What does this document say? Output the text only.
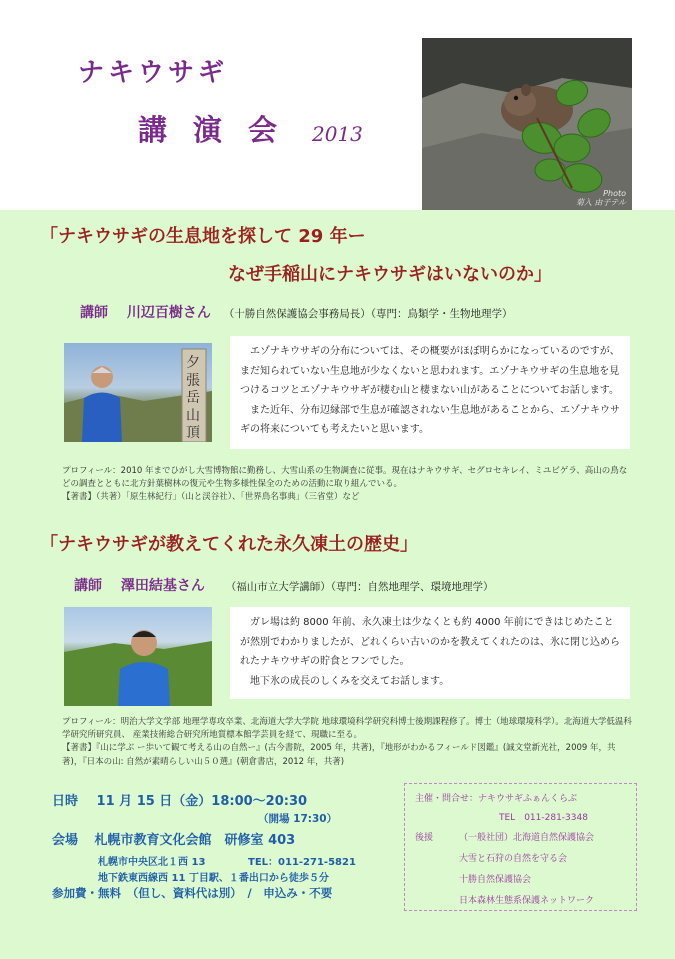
ナキウサギ
講演会 2013
Photo
菊入 由子テル
「ナキウサギの生息地を探して 29 年ー
なぜ手稲山にナキウサギはいないのか」
講師 川辺百樹さん （十勝自然保護協会事務局長）（専門：鳥類学・生物地理学）
夕張岳山頂

エゾナキウサギの分布については、その概要がほぼ明らかになっているのですが、まだ知られていない生息地が少なくないと思われます。エゾナキウサギの生息地を見つけるコツとエゾナキウサギが棲む山と棲まない山があることについてお話します。

また近年、分布辺縁部で生息が確認されない生息地があることから、エゾナキウサギの将来についても考えたいと思います。

プロフィール：2010 年までひがし大雪博物館に勤務し、大雪山系の生物調査に従事。現在はナキウサギ、セグロセキレイ、ミユビゲラ、高山の鳥などの調査とともに北方針葉樹林の復元や生物多様性保全のための活動に取り組んでいる。
【著書】（共著）「原生林紀行」（山と渓谷社）、「世界鳥名事典」（三省堂）など
「ナキウサギが教えてくれた永久凍土の歴史」
講師 澤田結基さん （福山市立大学講師）（専門：自然地理学、環境地理学）

ガレ場は約 8000 年前、永久凍土は少なくとも約 4000 年前にできはじめたことが然別でわかりましたが、どれくらい古いのかを教えてくれたのは、氷に閉じ込められたナキウサギの貯食とフンでした。

地下氷の成長のしくみを交えてお話します。

プロフィール：明治大学文学部 地理学専攻卒業、北海道大学大学院 地球環境科学研究科博士後期課程修了。博士（地球環境科学）。北海道大学低温科学研究所研究員、 産業技術総合研究所地質標本館学芸員を経て、現職に至る。
【著書】『山に学ぶ ー歩いて観て考える山の自然ー』(古今書院，2005 年，共著)，『地形がわかるフィールド図鑑』(誠文堂新光社，2009 年，共著)，『日本の山: 自然が素晴らしい山５０選』(朝倉書店，2012 年，共著)
日時 11 月 15 日（金）18:00～20:30
（開場 17:30）
会場 札幌市教育文化会館　研修室 403
札幌市中央区北１西 13	TEL：011-271-5821
地下鉄東西線西 11 丁目駅、１番出口から徒歩５分
参加費・無料　（但し、資料代は別）　/　申込み・不要
主催・問合せ：ナキウサギふぁんくらぶ
TEL　011-281-3348
後援	（一般社団）北海道自然保護協会
大雪と石狩の自然を守る会
十勝自然保護協会
日本森林生態系保護ネットワーク
